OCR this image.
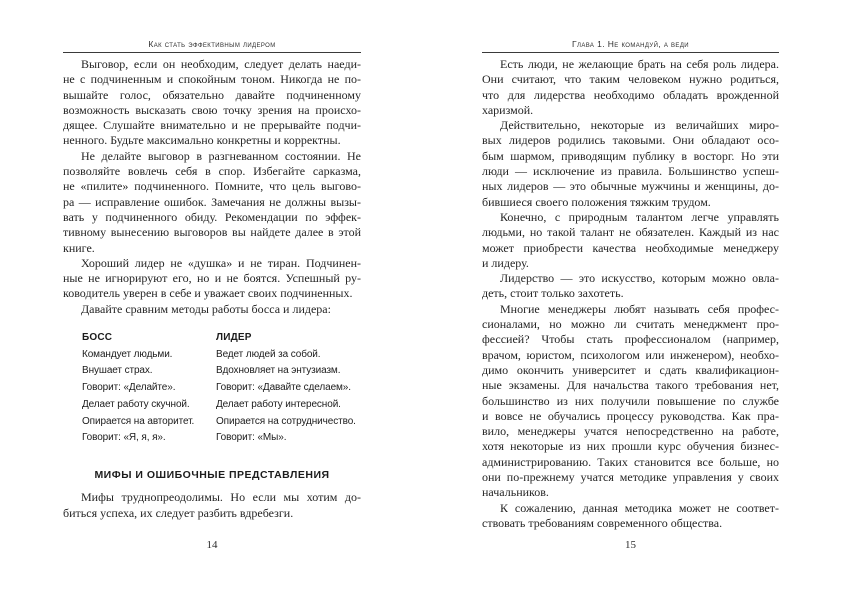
Как стать эффективным лидером
Выговор, если он необходим, следует делать наеди-
не с подчиненным и спокойным тоном. Никогда не по-
вышайте голос, обязательно давайте подчиненному
возможность высказать свою точку зрения на происхо-
дящее. Слушайте внимательно и не прерывайте подчи-
ненного. Будьте максимально конкретны и корректны.
Не делайте выговор в разгневанном состоянии. Не
позволяйте вовлечь себя в спор. Избегайте сарказма,
не «пилите» подчиненного. Помните, что цель выгово-
ра — исправление ошибок. Замечания не должны вызы-
вать у подчиненного обиду. Рекомендации по эффек-
тивному вынесению выговоров вы найдете далее в этой
книге.
Хороший лидер не «душка» и не тиран. Подчинен-
ные не игнорируют его, но и не боятся. Успешный ру-
ководитель уверен в себе и уважает своих подчиненных.
Давайте сравним методы работы босса и лидера:
БОСС	ЛИДЕР
Командует людьми.	Ведет людей за собой.
Внушает страх.	Вдохновляет на энтузиазм.
Говорит: «Делайте».	Говорит: «Давайте сделаем».
Делает работу скучной.	Делает работу интересной.
Опирается на авторитет.	Опирается на сотрудничество.
Говорит: «Я, я, я».	Говорит: «Мы».
МИФЫ И ОШИБОЧНЫЕ ПРЕДСТАВЛЕНИЯ
Мифы труднопреодолимы. Но если мы хотим до-
биться успеха, их следует разбить вдребезги.
14
Глава 1. Не командуй, а веди
Есть люди, не желающие брать на себя роль лидера.
Они считают, что таким человеком нужно родиться,
что для лидерства необходимо обладать врожденной
харизмой.
Действительно, некоторые из величайших миро-
вых лидеров родились таковыми. Они обладают осо-
бым шармом, приводящим публику в восторг. Но эти
люди — исключение из правила. Большинство успеш-
ных лидеров — это обычные мужчины и женщины, до-
бившиеся своего положения тяжким трудом.
Конечно, с природным талантом легче управлять
людьми, но такой талант не обязателен. Каждый из нас
может приобрести качества необходимые менеджеру
и лидеру.
Лидерство — это искусство, которым можно овла-
деть, стоит только захотеть.
Многие менеджеры любят называть себя профес-
сионалами, но можно ли считать менеджмент про-
фессией? Чтобы стать профессионалом (например,
врачом, юристом, психологом или инженером), необхо-
димо окончить университет и сдать квалификацион-
ные экзамены. Для начальства такого требования нет,
большинство из них получили повышение по службе
и вовсе не обучались процессу руководства. Как пра-
вило, менеджеры учатся непосредственно на работе,
хотя некоторые из них прошли курс обучения бизнес-
администрированию. Таких становится все больше, но
они по-прежнему учатся методике управления у своих
начальников.
К сожалению, данная методика может не соответ-
ствовать требованиям современного общества.
15
